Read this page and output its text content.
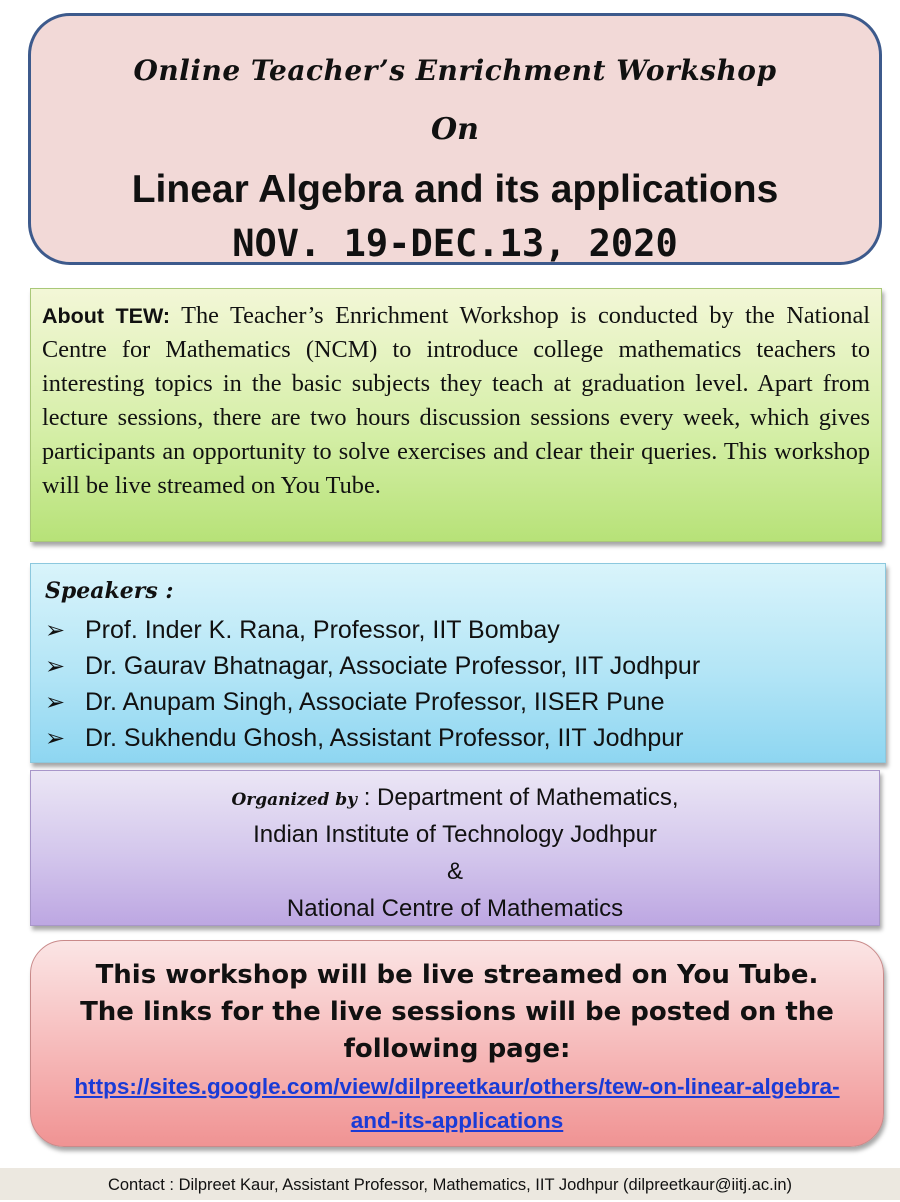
Online Teacher’s Enrichment Workshop
On
Linear Algebra and its applications
NOV. 19-DEC.13, 2020
About TEW: The Teacher’s Enrichment Workshop is conducted by the National Centre for Mathematics (NCM) to introduce college mathematics teachers to interesting topics in the basic subjects they teach at graduation level. Apart from lecture sessions, there are two hours discussion sessions every week, which gives participants an opportunity to solve exercises and clear their queries. This workshop will be live streamed on You Tube.
Speakers :
➢ Prof. Inder K. Rana, Professor, IIT Bombay
➢ Dr. Gaurav Bhatnagar, Associate Professor, IIT Jodhpur
➢ Dr. Anupam Singh, Associate Professor, IISER Pune
➢ Dr. Sukhendu Ghosh, Assistant Professor, IIT Jodhpur
Organized by : Department of Mathematics,
Indian Institute of Technology Jodhpur
&
National Centre of Mathematics
This workshop will be live streamed on You Tube. The links for the live sessions will be posted on the following page:
https://sites.google.com/view/dilpreetkaur/others/tew-on-linear-algebra-and-its-applications
Contact : Dilpreet Kaur, Assistant Professor, Mathematics, IIT Jodhpur (dilpreetkaur@iitj.ac.in)
